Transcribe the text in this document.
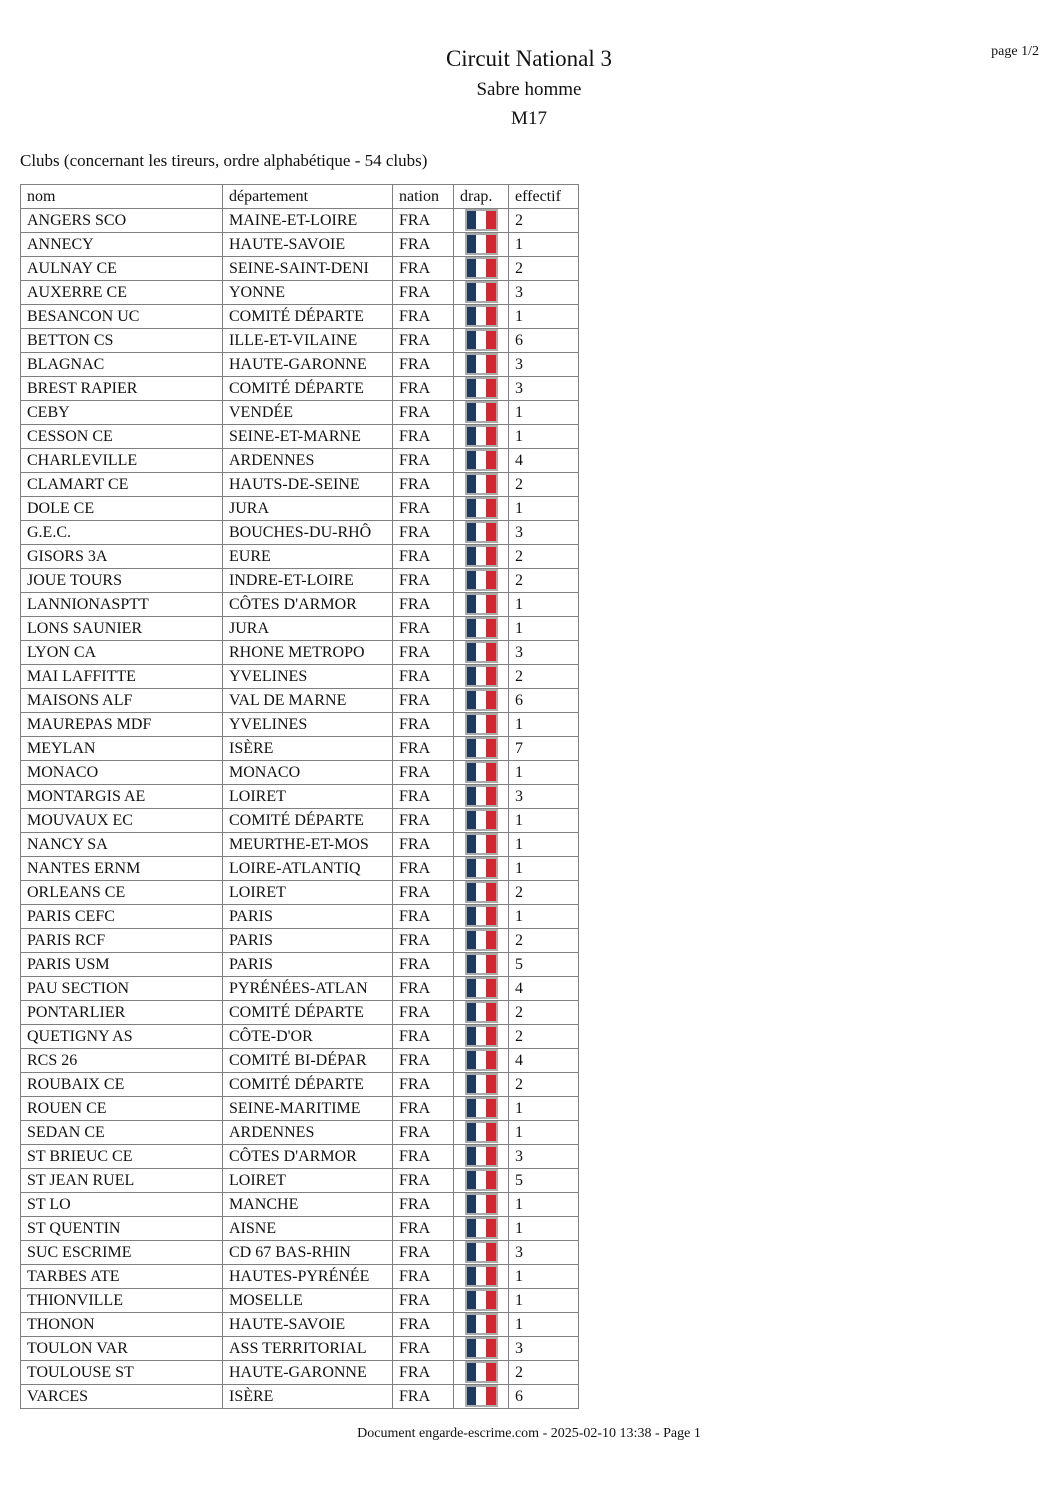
page 1/2
Circuit National 3
Sabre homme
M17
Clubs (concernant les tireurs, ordre alphabétique - 54 clubs)
nom	département	nation	drap.	effectif
ANGERS SCO	MAINE-ET-LOIRE	FRA		2
ANNECY	HAUTE-SAVOIE	FRA		1
AULNAY CE	SEINE-SAINT-DENI	FRA		2
AUXERRE CE	YONNE	FRA		3
BESANCON UC	COMITÉ DÉPARTE	FRA		1
BETTON CS	ILLE-ET-VILAINE	FRA		6
BLAGNAC	HAUTE-GARONNE	FRA		3
BREST RAPIER	COMITÉ DÉPARTE	FRA		3
CEBY	VENDÉE	FRA		1
CESSON CE	SEINE-ET-MARNE	FRA		1
CHARLEVILLE	ARDENNES	FRA		4
CLAMART CE	HAUTS-DE-SEINE	FRA		2
DOLE CE	JURA	FRA		1
G.E.C.	BOUCHES-DU-RHÔ	FRA		3
GISORS 3A	EURE	FRA		2
JOUE TOURS	INDRE-ET-LOIRE	FRA		2
LANNIONASPTT	CÔTES D'ARMOR	FRA		1
LONS SAUNIER	JURA	FRA		1
LYON CA	RHONE METROPO	FRA		3
MAI LAFFITTE	YVELINES	FRA		2
MAISONS ALF	VAL DE MARNE	FRA		6
MAUREPAS MDF	YVELINES	FRA		1
MEYLAN	ISÈRE	FRA		7
MONACO	MONACO	FRA		1
MONTARGIS AE	LOIRET	FRA		3
MOUVAUX EC	COMITÉ DÉPARTE	FRA		1
NANCY SA	MEURTHE-ET-MOS	FRA		1
NANTES ERNM	LOIRE-ATLANTIQ	FRA		1
ORLEANS CE	LOIRET	FRA		2
PARIS CEFC	PARIS	FRA		1
PARIS RCF	PARIS	FRA		2
PARIS USM	PARIS	FRA		5
PAU SECTION	PYRÉNÉES-ATLAN	FRA		4
PONTARLIER	COMITÉ DÉPARTE	FRA		2
QUETIGNY AS	CÔTE-D'OR	FRA		2
RCS 26	COMITÉ BI-DÉPAR	FRA		4
ROUBAIX CE	COMITÉ DÉPARTE	FRA		2
ROUEN CE	SEINE-MARITIME	FRA		1
SEDAN CE	ARDENNES	FRA		1
ST BRIEUC CE	CÔTES D'ARMOR	FRA		3
ST JEAN RUEL	LOIRET	FRA		5
ST LO	MANCHE	FRA		1
ST QUENTIN	AISNE	FRA		1
SUC ESCRIME	CD 67 BAS-RHIN	FRA		3
TARBES ATE	HAUTES-PYRÉNÉE	FRA		1
THIONVILLE	MOSELLE	FRA		1
THONON	HAUTE-SAVOIE	FRA		1
TOULON VAR	ASS TERRITORIAL	FRA		3
TOULOUSE ST	HAUTE-GARONNE	FRA		2
VARCES	ISÈRE	FRA		6
Document engarde-escrime.com - 2025-02-10 13:38 - Page 1
